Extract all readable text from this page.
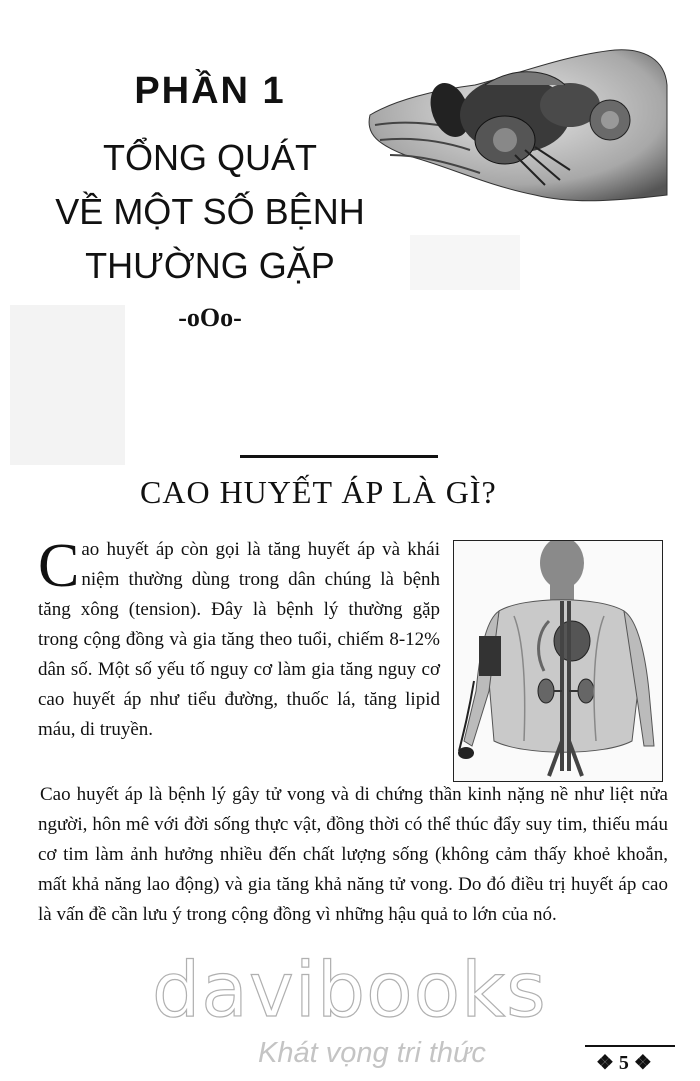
PHẦN 1
TỔNG QUÁT
VỀ MỘT SỐ BỆNH
THƯỜNG GẶP
-oOo-
CAO HUYẾT ÁP LÀ GÌ?

Cao huyết áp còn gọi là tăng huyết áp và khái niệm thường dùng trong dân chúng là bệnh tăng xông (tension). Đây là bệnh lý thường gặp trong cộng đồng và gia tăng theo tuổi, chiếm 8-12% dân số. Một số yếu tố nguy cơ làm gia tăng nguy cơ cao huyết áp như tiểu đường, thuốc lá, tăng lipid máu, di truyền.

Cao huyết áp là bệnh lý gây tử vong và di chứng thần kinh nặng nề như liệt nửa người, hôn mê với đời sống thực vật, đồng thời có thể thúc đẩy suy tim, thiếu máu cơ tim làm ảnh hưởng nhiều đến chất lượng sống (không cảm thấy khoẻ khoắn, mất khả năng lao động) và gia tăng khả năng tử vong. Do đó điều trị huyết áp cao là vấn đề cần lưu ý trong cộng đồng vì những hậu quả to lớn của nó.

davibooks
Khát vọng tri thức	❖ 5 ❖
